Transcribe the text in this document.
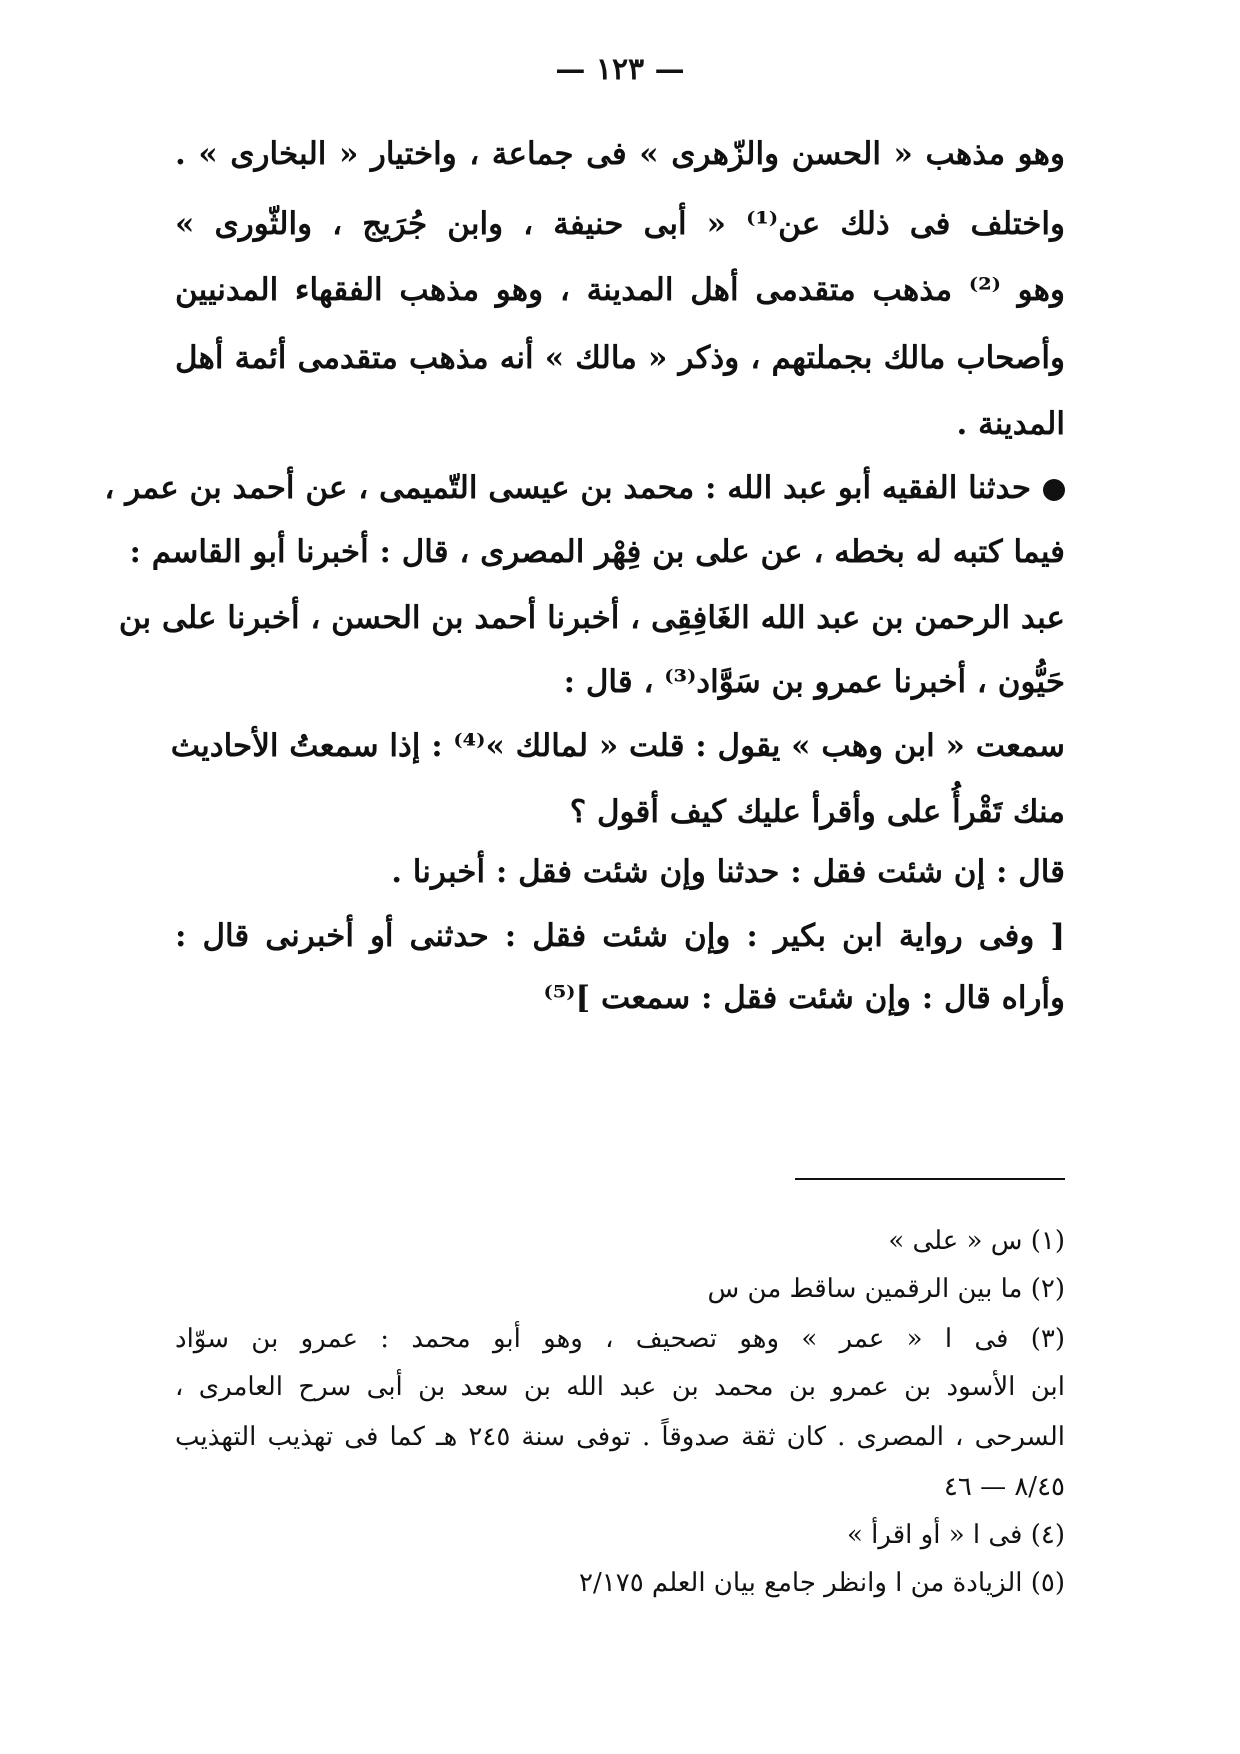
— ١٢٣ —
وهو مذهب « الحسن والزّهرى » فى جماعة ، واختيار « البخارى » .
واختلف فى ذلك عن⁽¹⁾ « أبى حنيفة ، وابن جُرَيج ، والثّورى »
وهو ⁽²⁾ مذهب متقدمى أهل المدينة ، وهو مذهب الفقهاء المدنيين
وأصحاب مالك بجملتهم ، وذكر « مالك » أنه مذهب متقدمى أئمة أهل
المدينة .
حدثنا الفقيه أبو عبد الله : محمد بن عيسى التّميمى ، عن أحمد بن عمر ،
فيما كتبه له بخطه ، عن على بن فِهْر المصرى ، قال : أخبرنا أبو القاسم :
عبد الرحمن بن عبد الله الغَافِقِى ، أخبرنا أحمد بن الحسن ، أخبرنا على بن
حَيُّون ، أخبرنا عمرو بن سَوَّاد⁽³⁾ ، قال :
سمعت « ابن وهب » يقول : قلت « لمالك »⁽⁴⁾ : إذا سمعتُ الأحاديث
منك تَقْرأُ على وأقرأ عليك كيف أقول ؟
قال : إن شئت فقل : حدثنا وإن شئت فقل : أخبرنا .
[ وفى رواية ابن بكير : وإن شئت فقل : حدثنى أو أخبرنى قال :
وأراه قال : وإن شئت فقل : سمعت ]⁽⁵⁾
(١) س « على »
(٢) ما بين الرقمين ساقط من س
(٣) فى ا « عمر » وهو تصحيف ، وهو أبو محمد : عمرو بن سوّاد
ابن الأسود بن عمرو بن محمد بن عبد الله بن سعد بن أبى سرح العامرى ،
السرحى ، المصرى . كان ثقة صدوقاً . توفى سنة ٢٤٥ هـ كما فى تهذيب التهذيب
٨/٤٥ — ٤٦
(٤) فى ا « أو اقرأ »
(٥) الزيادة من ا وانظر جامع بيان العلم ٢/١٧٥
